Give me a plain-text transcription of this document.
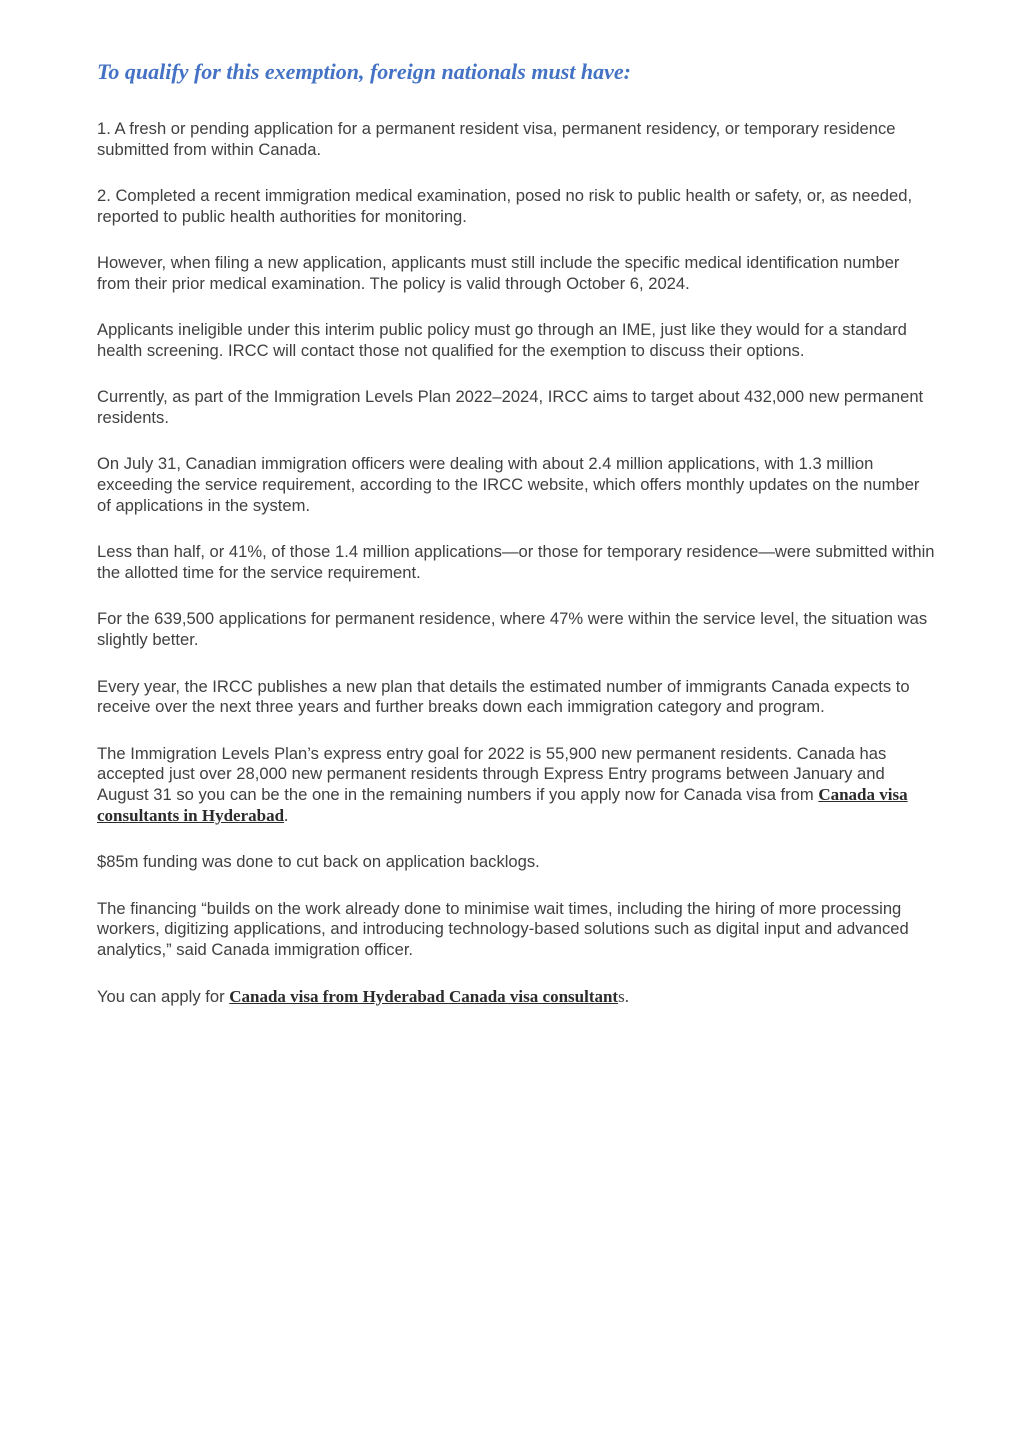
To qualify for this exemption, foreign nationals must have:

1. A fresh or pending application for a permanent resident visa, permanent residency, or temporary residence submitted from within Canada.

2. Completed a recent immigration medical examination, posed no risk to public health or safety, or, as needed, reported to public health authorities for monitoring.

However, when filing a new application, applicants must still include the specific medical identification number from their prior medical examination. The policy is valid through October 6, 2024.

Applicants ineligible under this interim public policy must go through an IME, just like they would for a standard health screening. IRCC will contact those not qualified for the exemption to discuss their options.

Currently, as part of the Immigration Levels Plan 2022–2024, IRCC aims to target about 432,000 new permanent residents.

On July 31, Canadian immigration officers were dealing with about 2.4 million applications, with 1.3 million exceeding the service requirement, according to the IRCC website, which offers monthly updates on the number of applications in the system.

Less than half, or 41%, of those 1.4 million applications—or those for temporary residence—were submitted within the allotted time for the service requirement.

For the 639,500 applications for permanent residence, where 47% were within the service level, the situation was slightly better.

Every year, the IRCC publishes a new plan that details the estimated number of immigrants Canada expects to receive over the next three years and further breaks down each immigration category and program.

The Immigration Levels Plan’s express entry goal for 2022 is 55,900 new permanent residents. Canada has accepted just over 28,000 new permanent residents through Express Entry programs between January and August 31 so you can be the one in the remaining numbers if you apply now for Canada visa from Canada visa consultants in Hyderabad.

$85m funding was done to cut back on application backlogs.

The financing “builds on the work already done to minimise wait times, including the hiring of more processing workers, digitizing applications, and introducing technology-based solutions such as digital input and advanced analytics,” said Canada immigration officer.

You can apply for Canada visa from Hyderabad Canada visa consultants.
